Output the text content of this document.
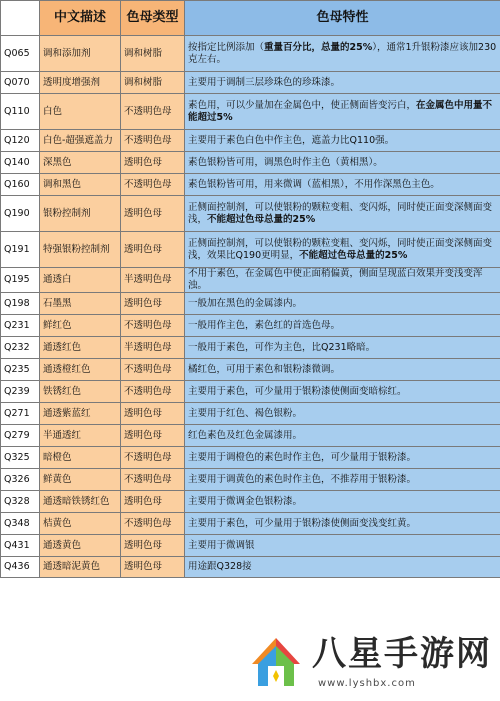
	中文描述	色母类型	色母特性
Q065	调和添加剂	调和树脂	按指定比例添加（重量百分比，总量的25%），通常1升银粉漆应该加230克左右。
Q070	透明度增强剂	调和树脂	主要用于调制三层珍珠色的珍珠漆。
Q110	白色	不透明色母	素色用，可以少量加在金属色中，使正侧面皆变污白，在金属色中用量不能超过5%
Q120	白色-超强遮盖力	不透明色母	主要用于素色白色中作主色，遮盖力比Q110强。
Q140	深黑色	透明色母	素色银粉皆可用，调黑色时作主色（黄相黑）。
Q160	调和黑色	不透明色母	素色银粉皆可用，用来微调（蓝相黑），不用作深黑色主色。
Q190	银粉控制剂	透明色母	正侧面控制剂，可以使银粉的颗粒变粗、变闪烁，同时使正面变深侧面变浅，不能超过色母总量的25%
Q191	特强银粉控制剂	透明色母	正侧面控制剂，可以使银粉的颗粒变粗、变闪烁，同时使正面变深侧面变浅，效果比Q190更明显，不能超过色母总量的25%
Q195	通透白	半透明色母	不用于素色，在金属色中使正面稍偏黄，侧面呈现蓝白效果并变浅变浑浊。
Q198	石墨黑	透明色母	一般加在黑色的金属漆内。
Q231	鲜红色	不透明色母	一般用作主色，素色红的首选色母。
Q232	通透红色	半透明色母	一般用于素色，可作为主色，比Q231略暗。
Q235	通透橙红色	不透明色母	橘红色，可用于素色和银粉漆微调。
Q239	铁锈红色	不透明色母	主要用于素色，可少量用于银粉漆使侧面变暗棕红。
Q271	通透紫蓝红	透明色母	主要用于红色、褐色银粉。
Q279	半通透红	透明色母	红色素色及红色金属漆用。
Q325	暗橙色	不透明色母	主要用于调橙色的素色时作主色，可少量用于银粉漆。
Q326	鲜黄色	不透明色母	主要用于调黄色的素色时作主色，不推荐用于银粉漆。
Q328	通透暗铁锈红色	透明色母	主要用于微调金色银粉漆。
Q348	桔黄色	不透明色母	主要用于素色，可少量用于银粉漆使侧面变浅变红黄。
Q431	通透黄色	透明色母	主要用于微调银
Q436	通透暗泥黄色	透明色母	用途跟Q328接
八星手游网
www.lyshbx.com
